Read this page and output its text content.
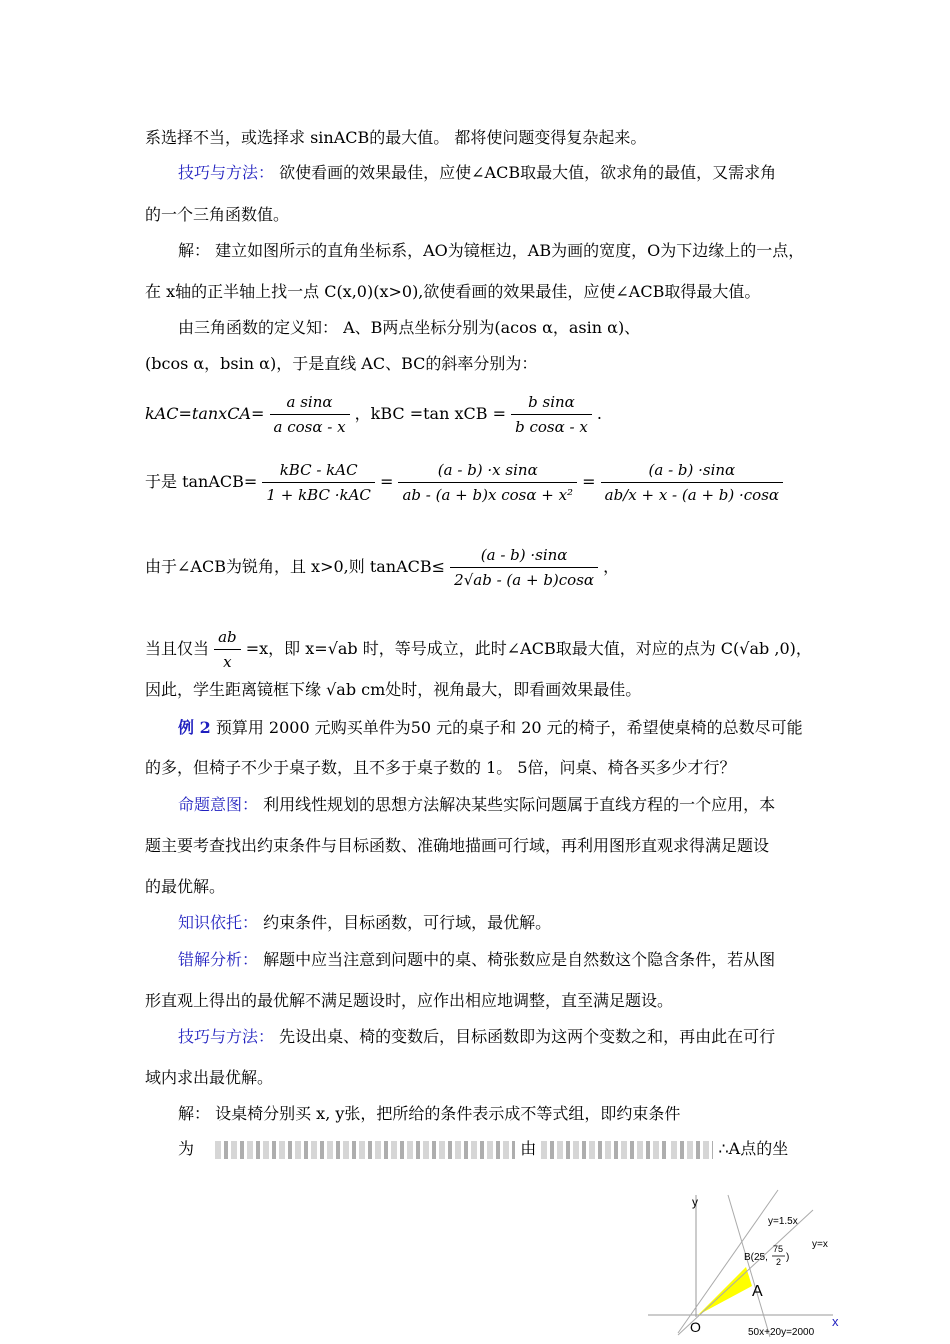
系选择不当，或选择求 sinACB的最大值。 都将使问题变得复杂起来。
技巧与方法： 欲使看画的效果最佳，应使∠ACB取最大值，欲求角的最值，又需求角
的一个三角函数值。
解： 建立如图所示的直角坐标系，AO为镜框边，AB为画的宽度，O为下边缘上的一点，
在 x轴的正半轴上找一点 C(x,0)(x>0),欲使看画的效果最佳，应使∠ACB取得最大值。
由三角函数的定义知： A、B两点坐标分别为(acos α，asin α)、
(bcos α，bsin α)，于是直线 AC、BC的斜率分别为：
kAC=tanxCA= $\frac{\text{a sinα}}{\text{a cosα - x}}$ ，kBC =tan xCB = $\frac{\text{b sinα}}{\text{b cosα - x}}$ .
于是 tanACB= $\frac{\text{kBC - kAC}}{\text{1 + kBC ·kAC}} = \frac{\text{(a - b) ·x sinα}}{\text{ab - (a + b)x cosα + x²}} = \frac{(a - b) \cdot\sin\alpha}{ab/x + x - (a + b) \cdot\cos\alpha}$
由于∠ACB为锐角，且 x>0,则 tanACB≤ $\frac{(a - b) \cdot\sin\alpha}{2√ab - (a + b)\cos\alpha}$ ，
当且仅当 $\frac{ab}{x} =x$，即 x=√ab 时，等号成立，此时∠ACB取最大值，对应的点为 C(√ab ,0)，
因此，学生距离镜框下缘 √ab cm处时，视角最大，即看画效果最佳。
例 2 预算用 2000 元购买单件为50 元的桌子和 20 元的椅子，希望使桌椅的总数尽可能
的多，但椅子不少于桌子数，且不多于桌子数的 1。 5倍，问桌、椅各买多少才行？
命题意图： 利用线性规划的思想方法解决某些实际问题属于直线方程的一个应用，本
题主要考查找出约束条件与目标函数、准确地描画可行域，再利用图形直观求得满足题设
的最优解。
知识依托： 约束条件，目标函数，可行域，最优解。
错解分析： 解题中应当注意到问题中的桌、椅张数应是自然数这个隐含条件，若从图
形直观上得出的最优解不满足题设时，应作出相应地调整，直至满足题设。
技巧与方法： 先设出桌、椅的变数后，目标函数即为这两个变数之和，再由此在可行
域内求出最优解。
解： 设桌椅分别买 x, y张，把所给的条件表示成不等式组，即约束条件
为	由	∴A点的坐
y
x
O
y=1.5x
y=x
B(25,
75
2 )
A
50x+20y=2000
